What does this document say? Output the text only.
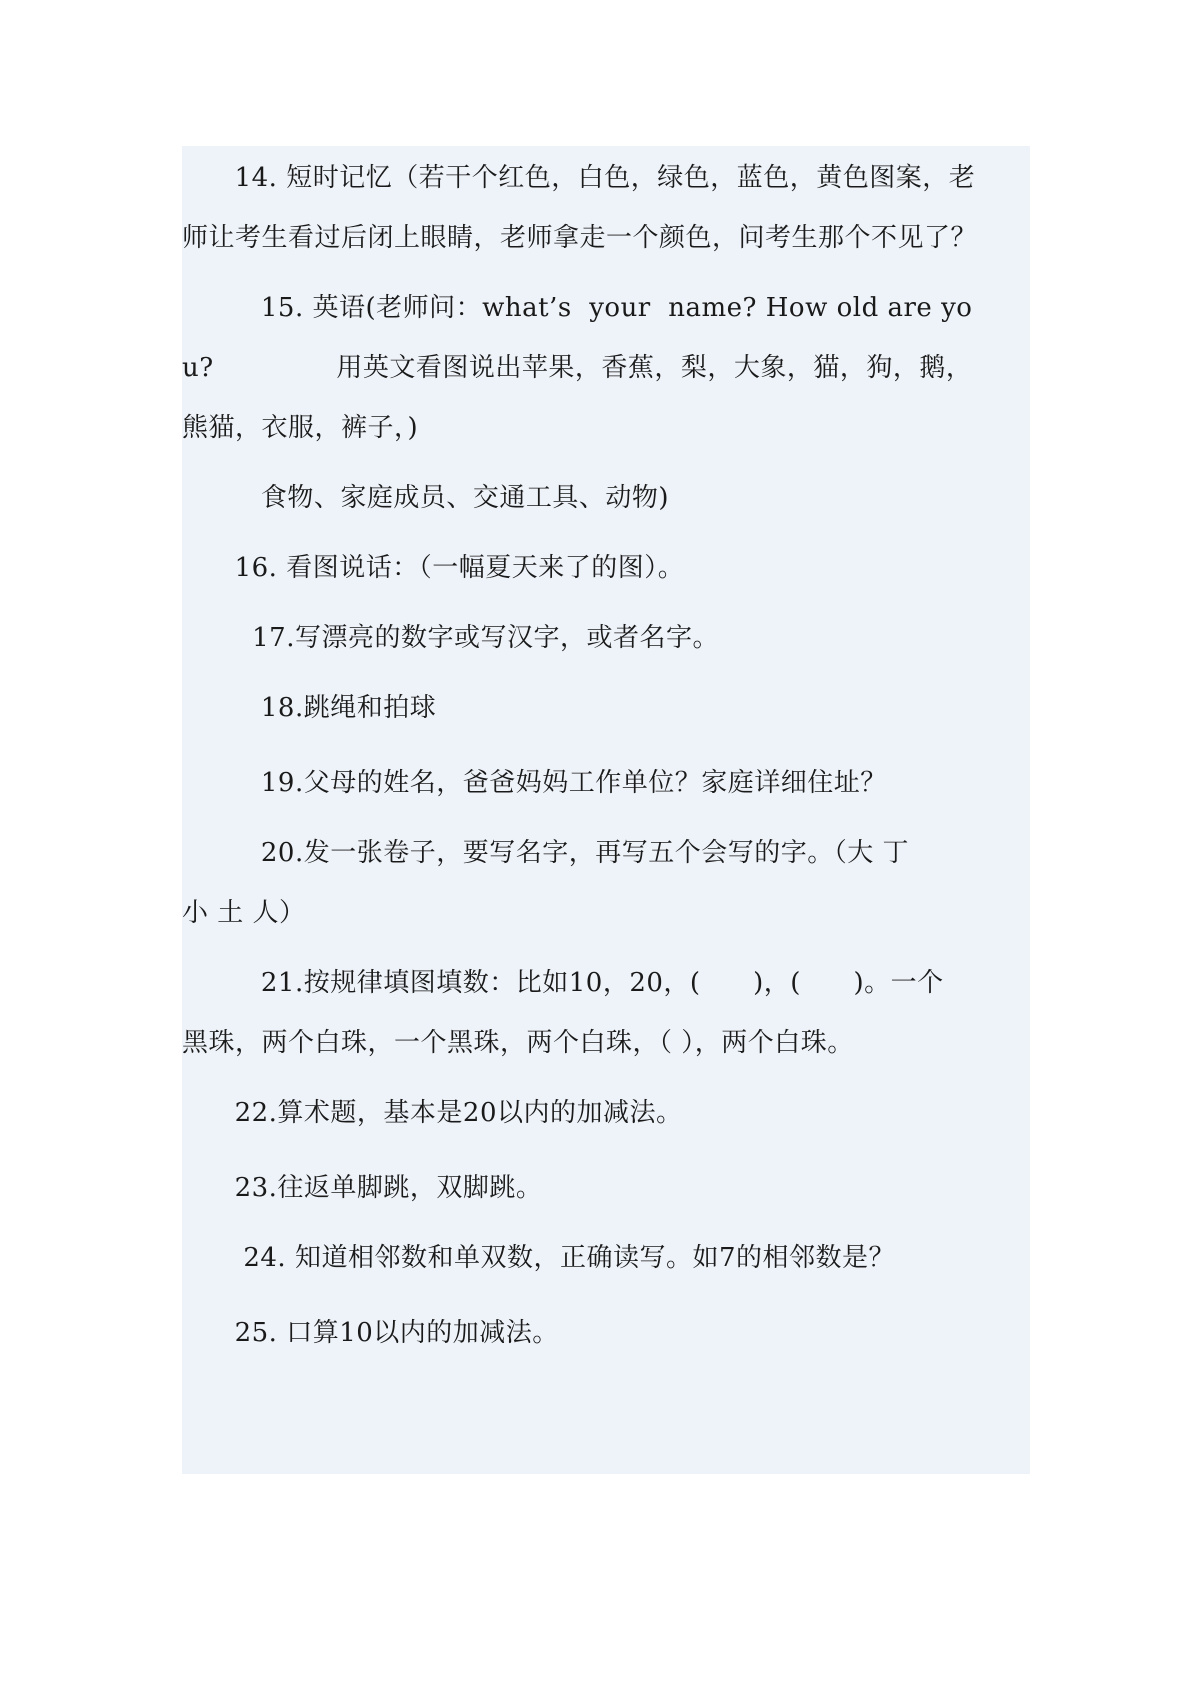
14. 短时记忆（若干个红色，白色，绿色，蓝色，黄色图案，老
师让考生看过后闭上眼睛，老师拿走一个颜色，问考生那个不见了？
15. 英语(老师问：what’s  your  name? How old are yo
u?              用英文看图说出苹果，香蕉，梨，大象，猫，狗，鹅，
熊猫，衣服，裤子，)
食物、家庭成员、交通工具、动物)
16. 看图说话：（一幅夏天来了的图）。
17.写漂亮的数字或写汉字，或者名字。
18.跳绳和拍球
19.父母的姓名，爸爸妈妈工作单位？家庭详细住址？
20.发一张卷子，要写名字，再写五个会写的字。（大 丁
小 土 人）
21.按规律填图填数：比如10，20，(      )，(      )。一个
黑珠，两个白珠，一个黑珠，两个白珠，（ ），两个白珠。
22.算术题，基本是20以内的加减法。
23.往返单脚跳，双脚跳。
24. 知道相邻数和单双数，正确读写。如7的相邻数是？
25. 口算10以内的加减法。
